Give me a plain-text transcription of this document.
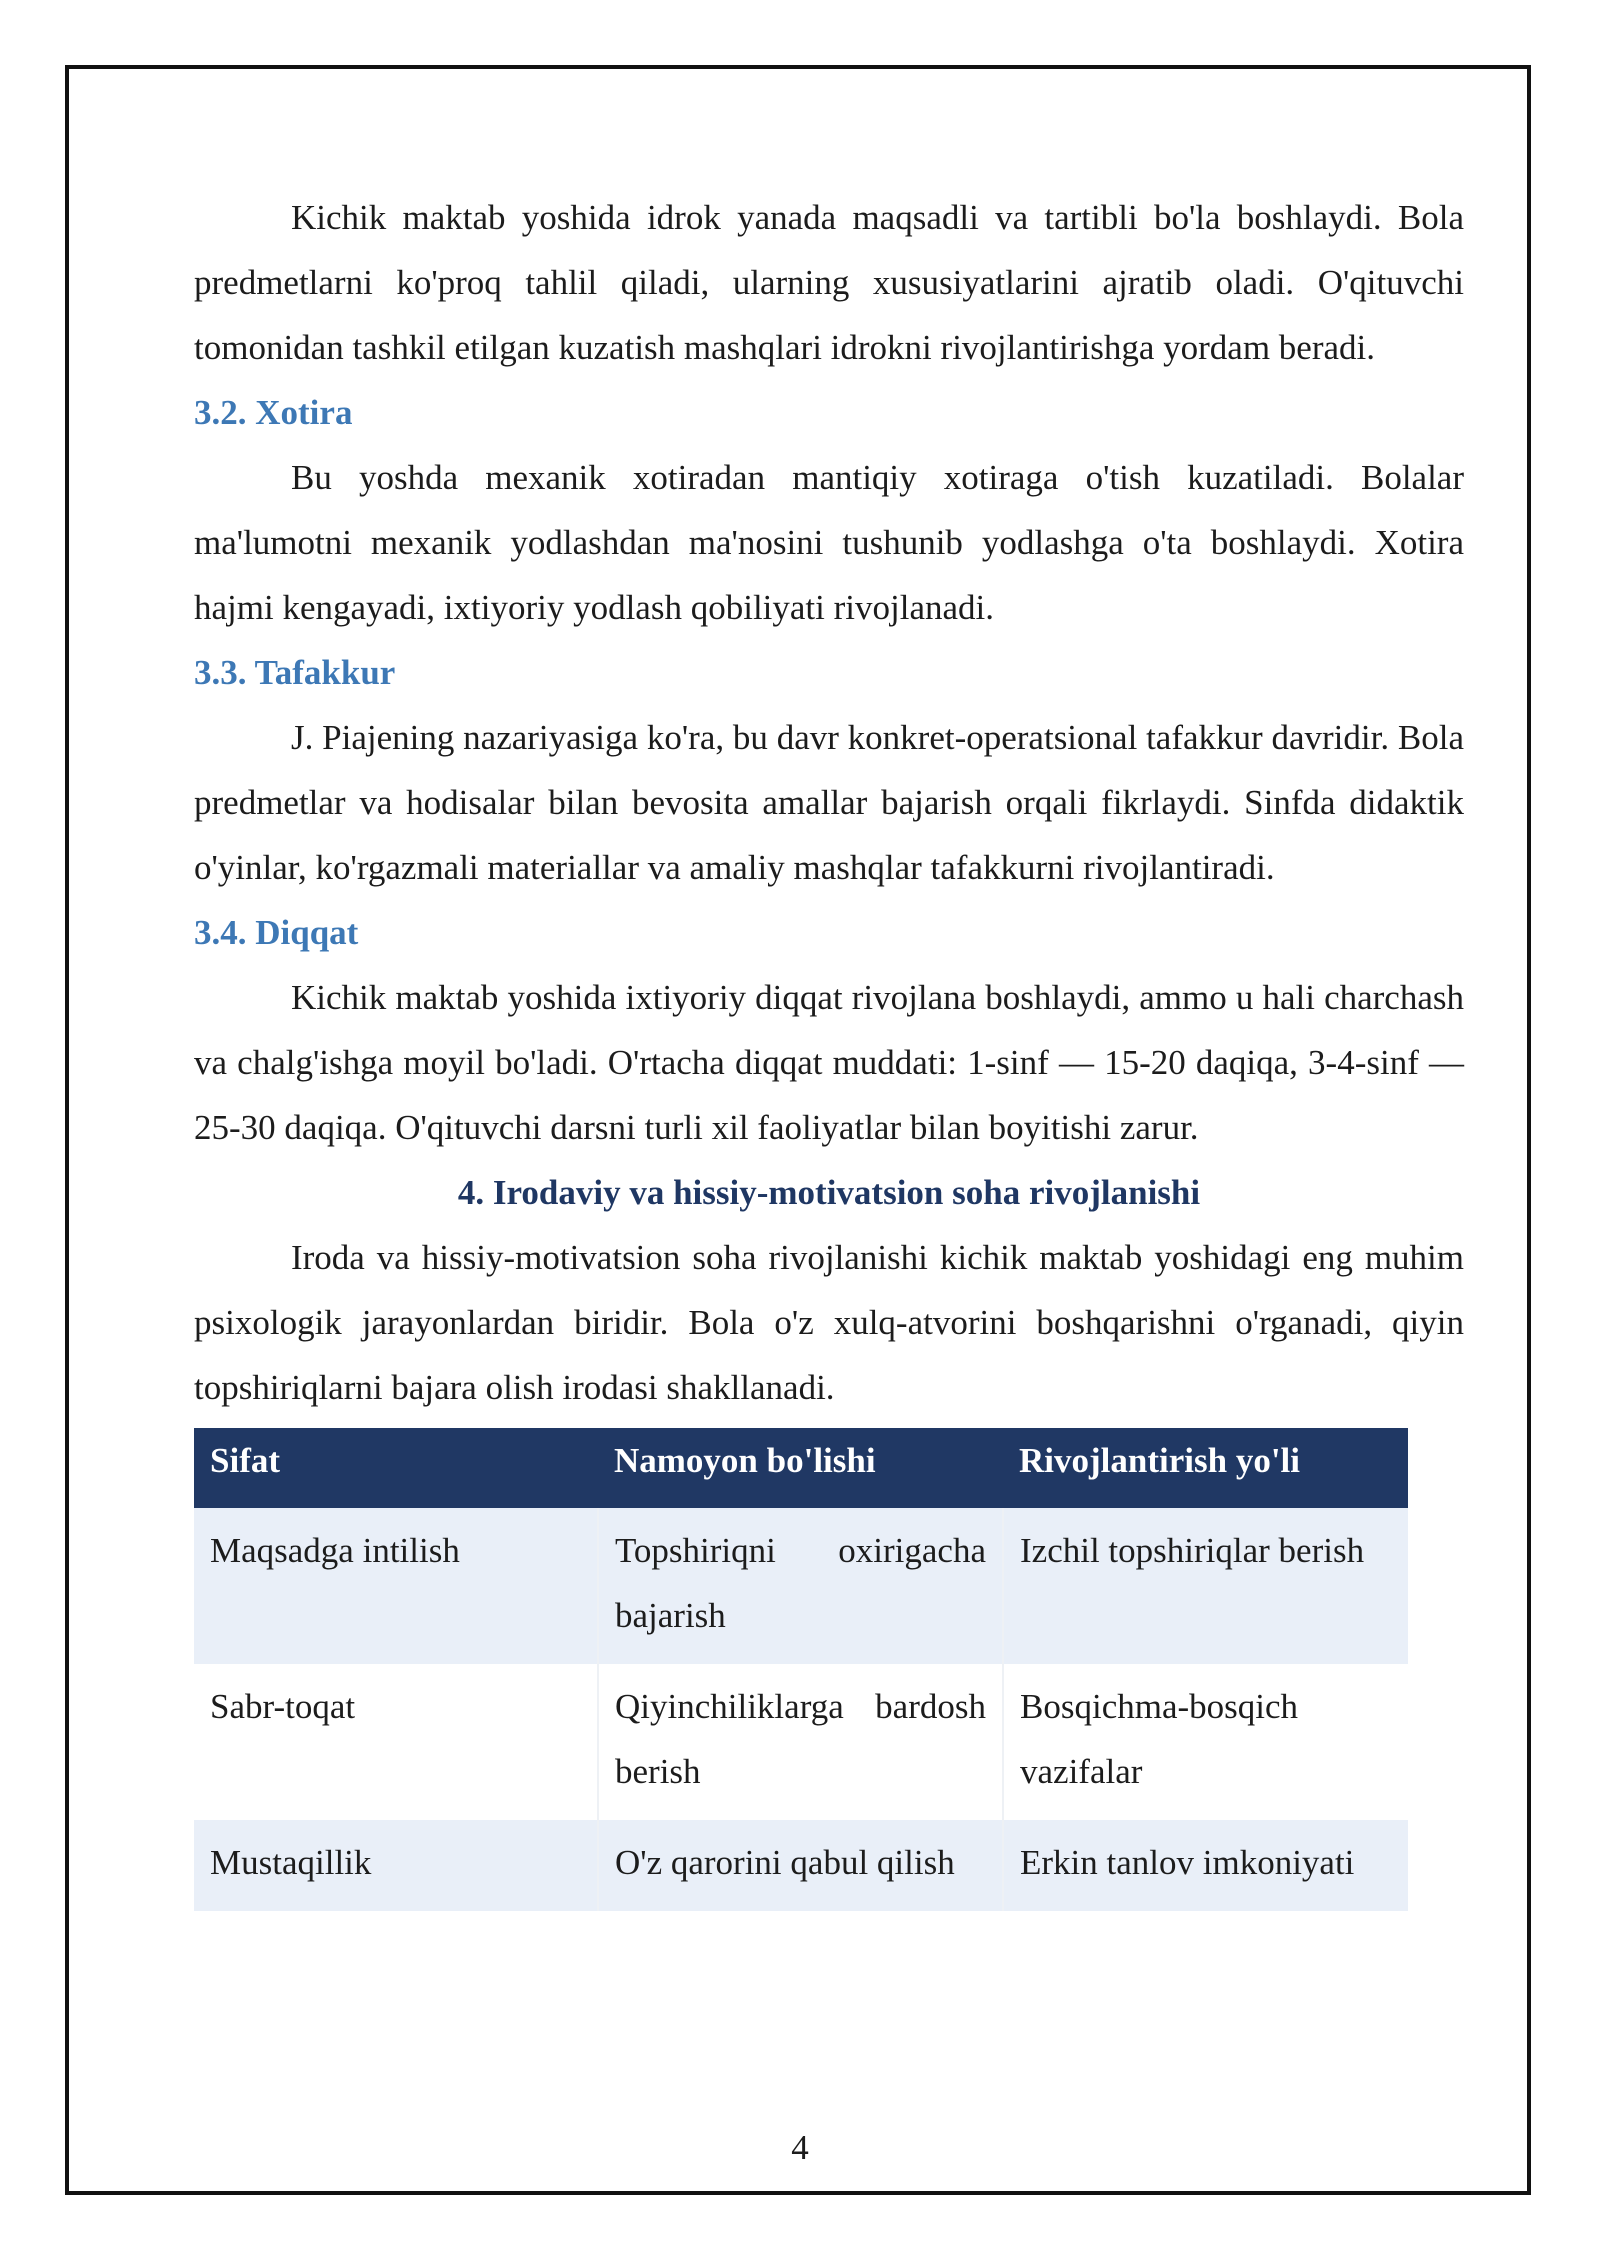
Kichik maktab yoshida idrok yanada maqsadli va tartibli bo'la boshlaydi. Bola predmetlarni ko'proq tahlil qiladi, ularning xususiyatlarini ajratib oladi. O'qituvchi tomonidan tashkil etilgan kuzatish mashqlari idrokni rivojlantirishga yordam beradi.

3.2. Xotira

Bu yoshda mexanik xotiradan mantiqiy xotiraga o'tish kuzatiladi. Bolalar ma'lumotni mexanik yodlashdan ma'nosini tushunib yodlashga o'ta boshlaydi. Xotira hajmi kengayadi, ixtiyoriy yodlash qobiliyati rivojlanadi.

3.3. Tafakkur

J. Piajening nazariyasiga ko'ra, bu davr konkret-operatsional tafakkur davridir. Bola predmetlar va hodisalar bilan bevosita amallar bajarish orqali fikrlaydi. Sinfda didaktik o'yinlar, ko'rgazmali materiallar va amaliy mashqlar tafakkurni rivojlantiradi.

3.4. Diqqat

Kichik maktab yoshida ixtiyoriy diqqat rivojlana boshlaydi, ammo u hali charchash va chalg'ishga moyil bo'ladi. O'rtacha diqqat muddati: 1-sinf — 15-20 daqiqa, 3-4-sinf — 25-30 daqiqa. O'qituvchi darsni turli xil faoliyatlar bilan boyitishi zarur.

4. Irodaviy va hissiy-motivatsion soha rivojlanishi

Iroda va hissiy-motivatsion soha rivojlanishi kichik maktab yoshidagi eng muhim psixologik jarayonlardan biridir. Bola o'z xulq-atvorini boshqarishni o'rganadi, qiyin topshiriqlarni bajara olish irodasi shakllanadi.

Sifat	Namoyon bo'lishi	Rivojlantirish yo'li
Maqsadga intilish	Topshiriqni oxirigacha bajarish	Izchil topshiriqlar berish
Sabr-toqat	Qiyinchiliklarga bardosh berish	Bosqichma-bosqich vazifalar
Mustaqillik	O'z qarorini qabul qilish	Erkin tanlov imkoniyati
4
